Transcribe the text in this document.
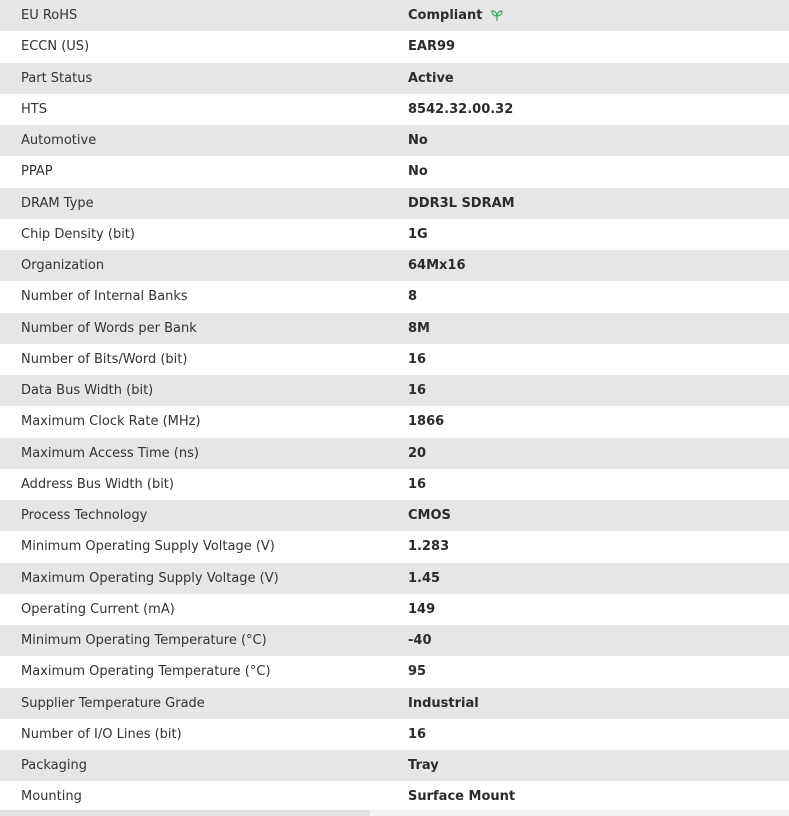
EU RoHS	Compliant
ECCN (US)	EAR99
Part Status	Active
HTS	8542.32.00.32
Automotive	No
PPAP	No
DRAM Type	DDR3L SDRAM
Chip Density (bit)	1G
Organization	64Mx16
Number of Internal Banks	8
Number of Words per Bank	8M
Number of Bits/Word (bit)	16
Data Bus Width (bit)	16
Maximum Clock Rate (MHz)	1866
Maximum Access Time (ns)	20
Address Bus Width (bit)	16
Process Technology	CMOS
Minimum Operating Supply Voltage (V)	1.283
Maximum Operating Supply Voltage (V)	1.45
Operating Current (mA)	149
Minimum Operating Temperature (°C)	-40
Maximum Operating Temperature (°C)	95
Supplier Temperature Grade	Industrial
Number of I/O Lines (bit)	16
Packaging	Tray
Mounting	Surface Mount
